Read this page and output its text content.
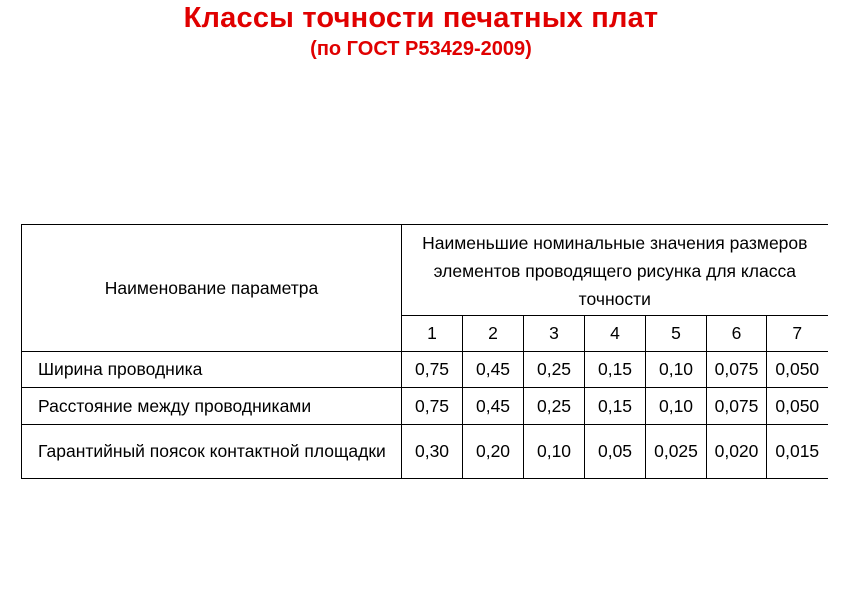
Классы точности печатных плат
(по ГОСТ Р53429-2009)
Наименование параметра	Наименьшие номинальные значения размеров элементов проводящего рисунка для класса точности						
	1	2	3	4	5	6	7
Ширина проводника	0,75	0,45	0,25	0,15	0,10	0,075	0,050
Расстояние между проводниками	0,75	0,45	0,25	0,15	0,10	0,075	0,050
Гарантийный поясок контактной площадки	0,30	0,20	0,10	0,05	0,025	0,020	0,015
